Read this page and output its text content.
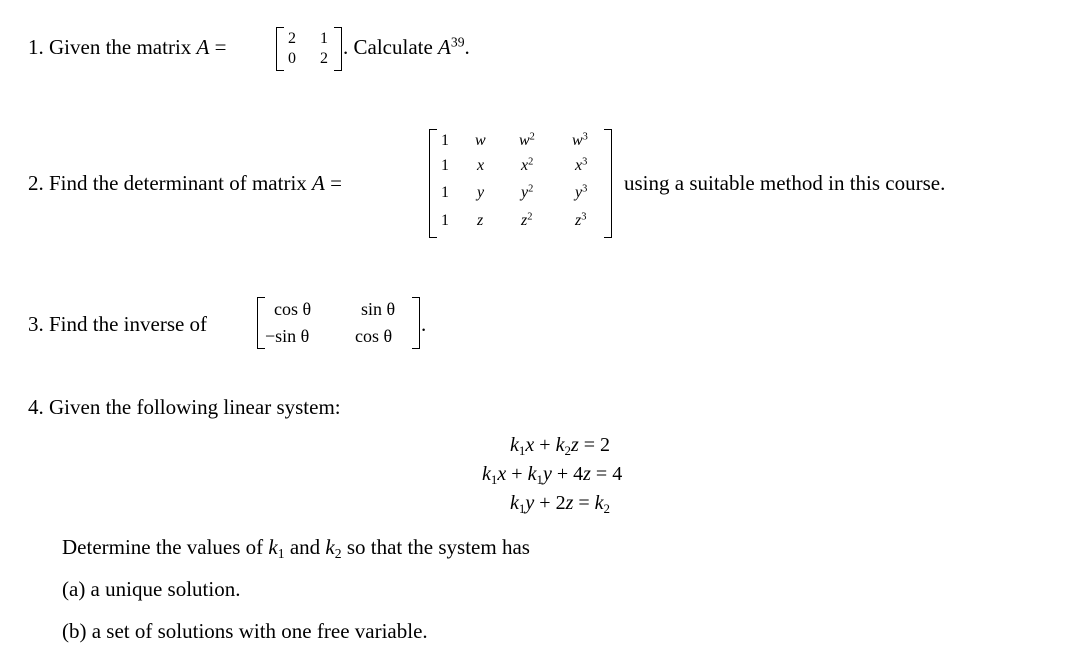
1. Given the matrix A =	2 1
0 2 . Calculate $A^{39}$.
2. Find the determinant of matrix A =
1 w $w^2$ $w^3$
1 x $x^2$	$x^3$
1 y $y^2$	$y^3$
1 z $z^2$	$z^3$
using a suitable method in this course.
3. Find the inverse of
cos θ	sin θ
−sin θ	cos θ .
4. Given the following linear system:
$k_1x + k_2z = 2$
$k_1x + k_1y + 4z = 4$
$k_1y + 2z = k_2$
Determine the values of $k_1$ and $k_2$ so that the system has
(a) a unique solution.
(b) a set of solutions with one free variable.
